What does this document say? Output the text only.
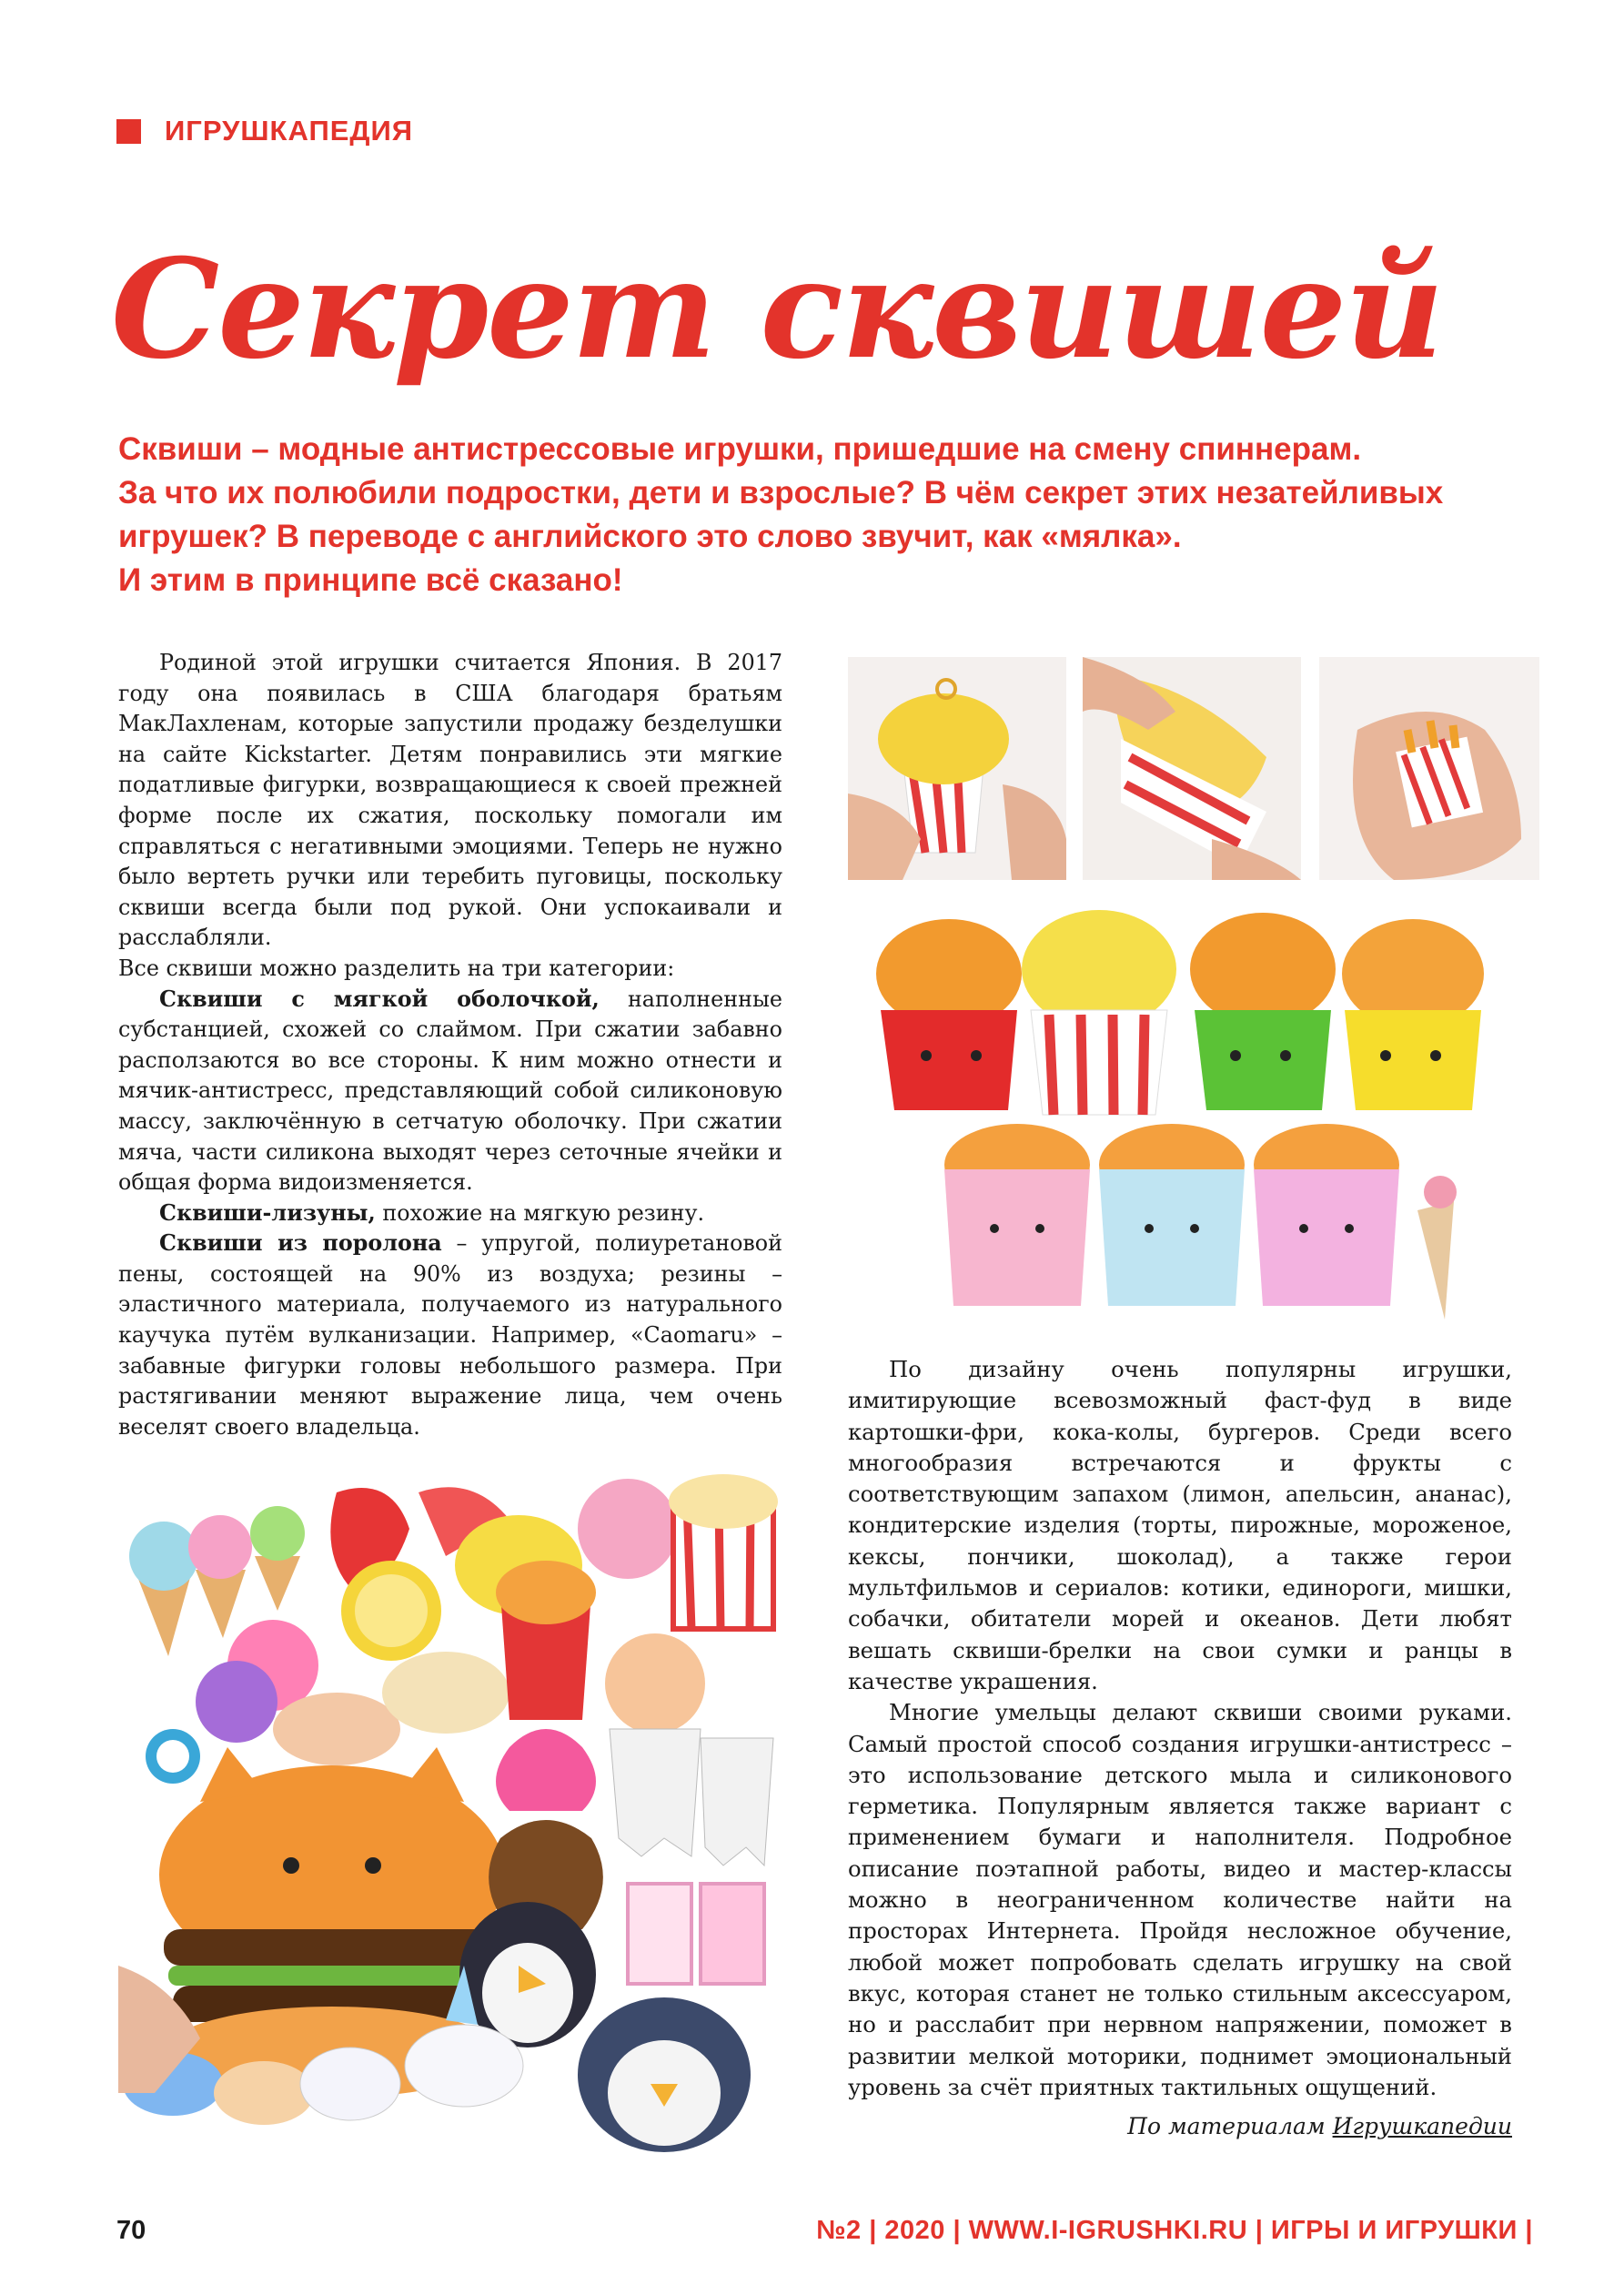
ИГРУШКАПЕДИЯ
Секрет сквишей
Сквиши – модные антистрессовые игрушки, пришедшие на смену спиннерам.
За что их полюбили подростки, дети и взрослые? В чём секрет этих незатейливых
игрушек? В переводе с английского это слово звучит, как «мялка».
И этим в принципе всё сказано!

Родиной этой игрушки считается Япония. В 2017 году она появилась в США благодаря братьям МакЛахленам, которые запустили продажу безделушки на сайте Kickstarter. Детям понравились эти мягкие податливые фигурки, возвращающиеся к своей прежней форме после их сжатия, поскольку помогали им справляться с негативными эмоциями. Теперь не нужно было вертеть ручки или теребить пуговицы, поскольку сквиши всегда были под рукой. Они успокаивали и расслабляли.

Все сквиши можно разделить на три категории:

Сквиши с мягкой оболочкой, наполненные субстанцией, схожей со слаймом. При сжатии забавно расползаются во все стороны. К ним можно отнести и мячик-антистресс, представляющий собой силиконовую массу, заключённую в сетчатую оболочку. При сжатии мяча, части силикона выходят через сеточные ячейки и общая форма видоизменяется.

Сквиши-лизуны, похожие на мягкую резину.

Сквиши из поролона – упругой, полиуретановой пены, состоящей на 90% из воздуха; резины – эластичного материала, получаемого из натурального каучука путём вулканизации. Например, «Caomaru» – забавные фигурки головы небольшого размера. При растягивании меняют выражение лица, чем очень веселят своего владельца.

По дизайну очень популярны игрушки, имитирующие всевозможный фаст-фуд в виде картошки-фри, кока-колы, бургеров. Среди всего многообразия встречаются и фрукты с соответствующим запахом (лимон, апельсин, ананас), кондитерские изделия (торты, пирожные, мороженое, кексы, пончики, шоколад), а также герои мультфильмов и сериалов: котики, единороги, мишки, собачки, обитатели морей и океанов. Дети любят вешать сквиши-брелки на свои сумки и ранцы в качестве украшения.

Многие умельцы делают сквиши своими руками. Самый простой способ создания игрушки-антистресс – это использование детского мыла и силиконового герметика. Популярным является также вариант с применением бумаги и наполнителя. Подробное описание поэтапной работы, видео и мастер-классы можно в неограниченном количестве найти на просторах Интернета. Пройдя несложное обучение, любой может попробовать сделать игрушку на свой вкус, которая станет не только стильным аксессуаром, но и расслабит при нервном напряжении, поможет в развитии мелкой моторики, поднимет эмоциональный уровень за счёт приятных тактильных ощущений.

По материалам Игрушкапедии

70	№2 | 2020 | WWW.I-IGRUSHKI.RU | ИГРЫ И ИГРУШКИ |
